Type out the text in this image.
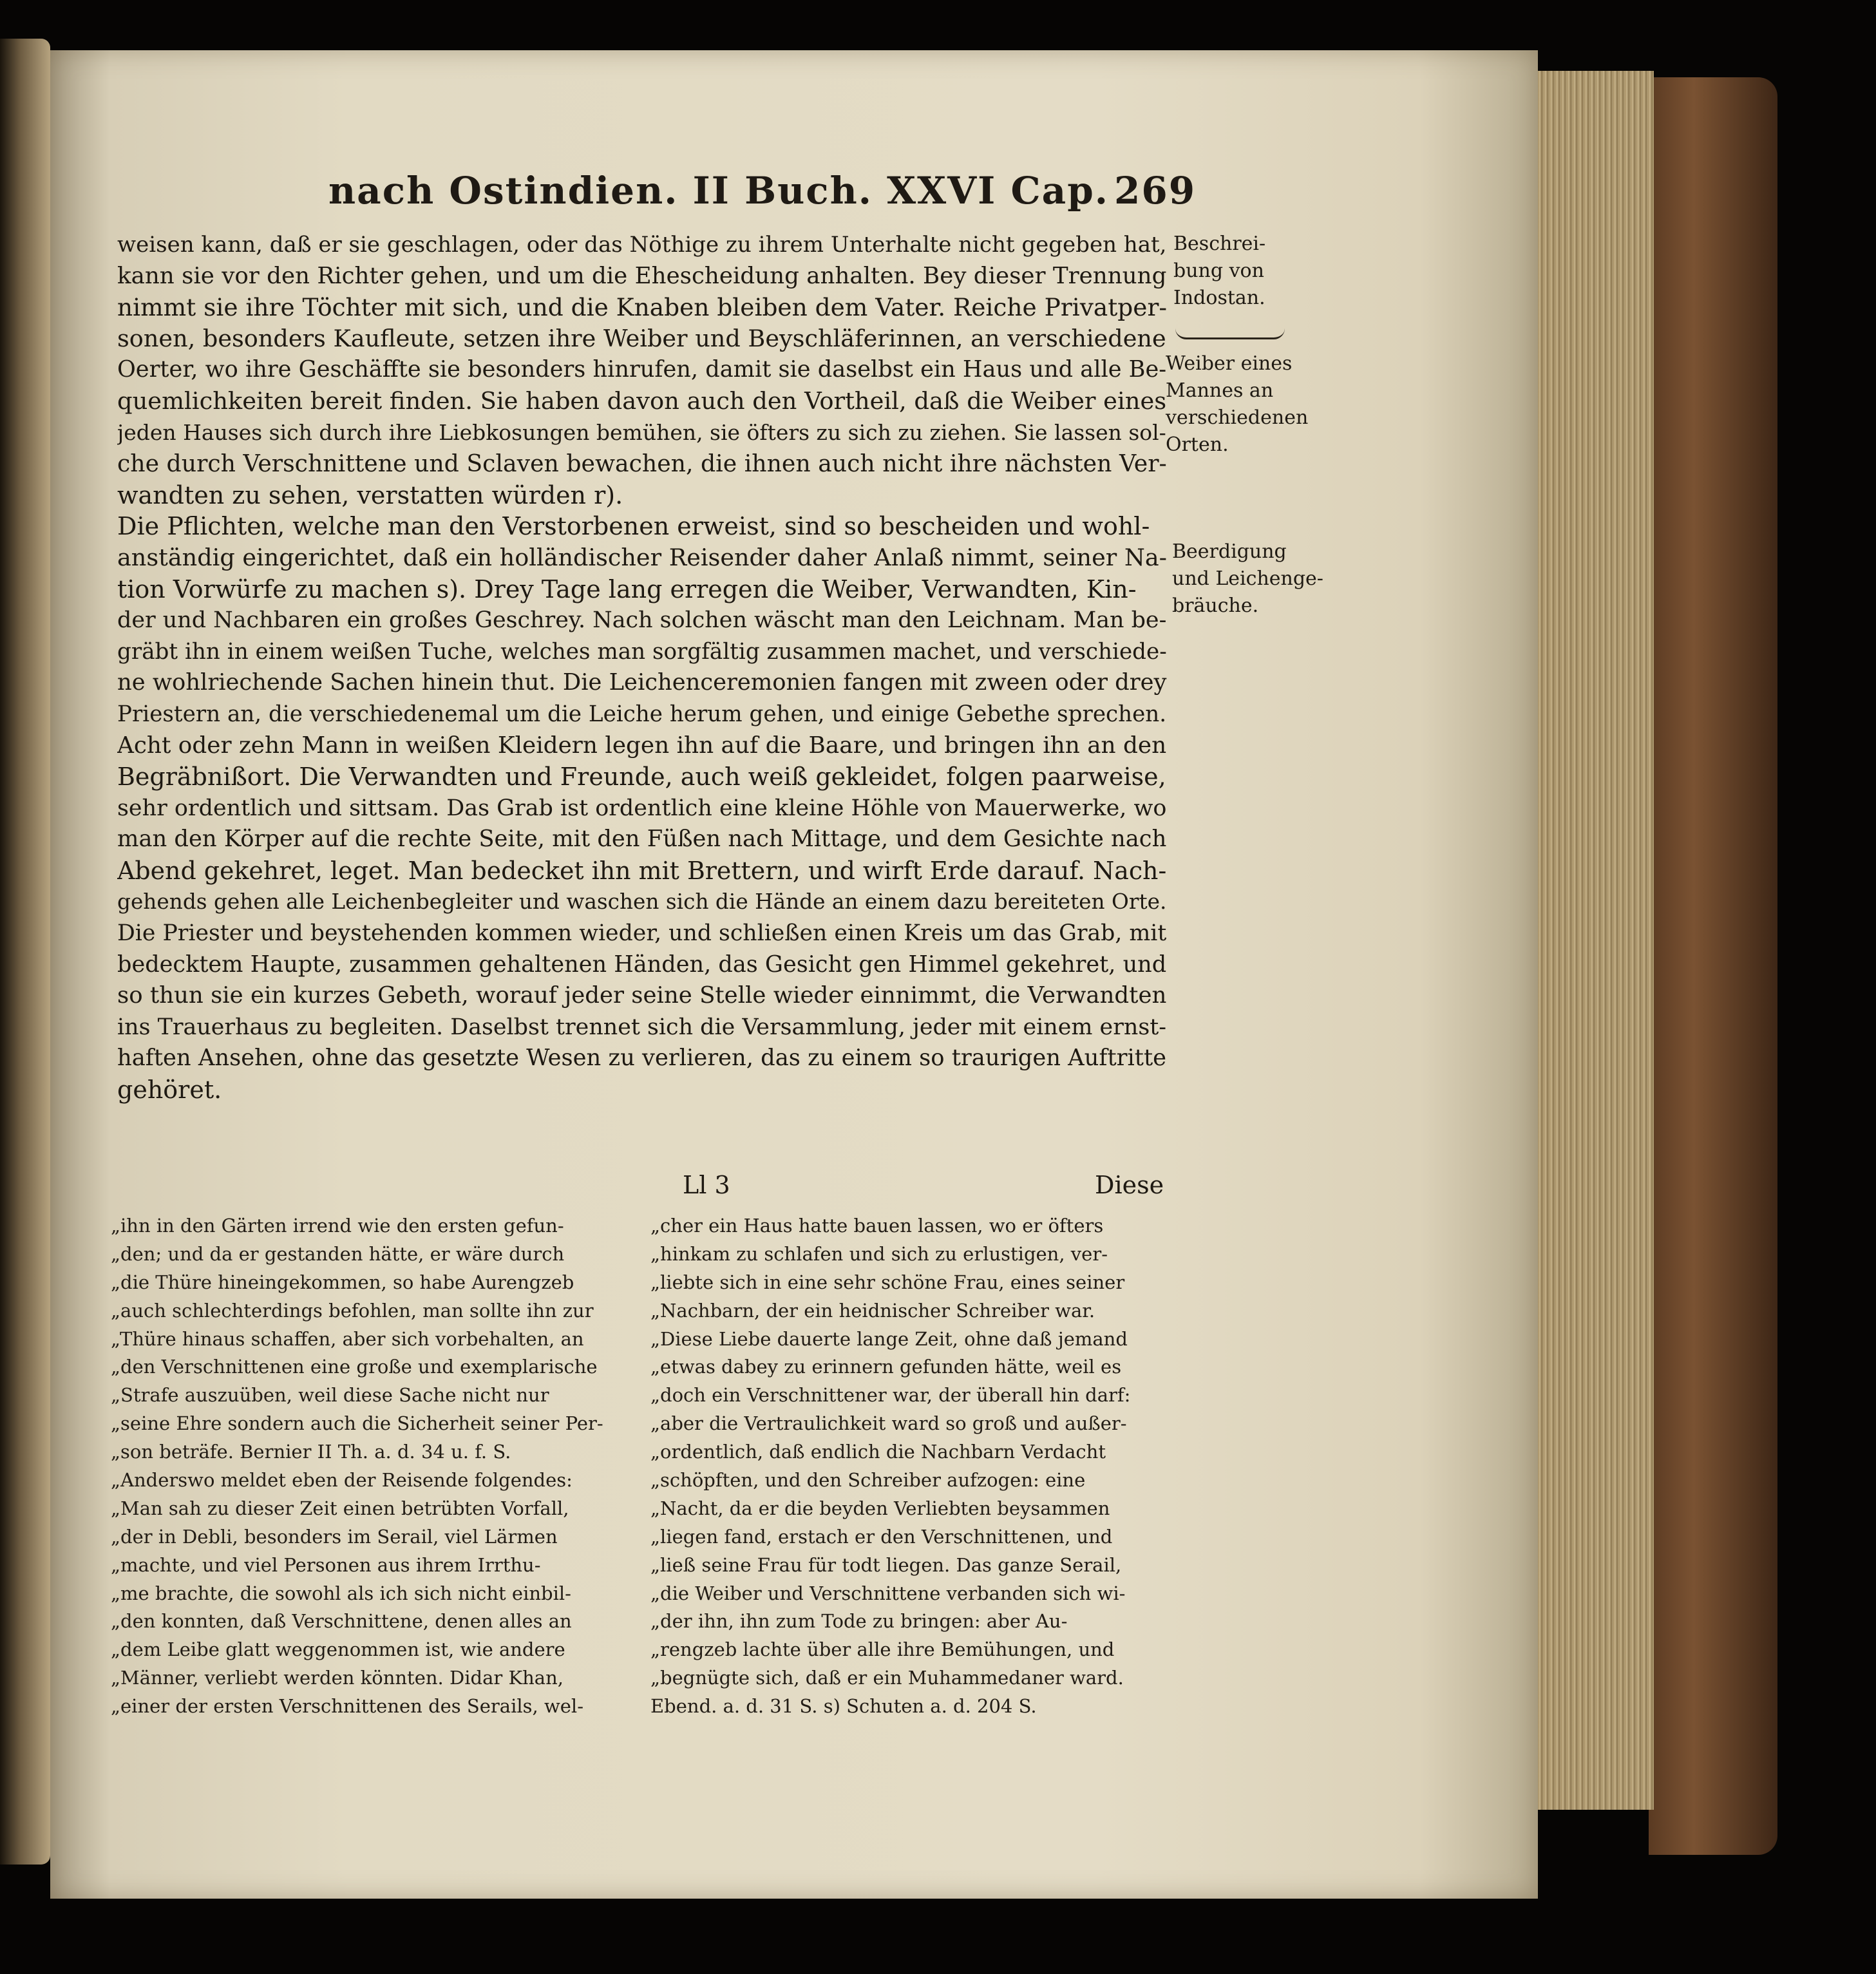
nach Ostindien. II Buch. XXVI Cap. 269
weisen kann, daß er sie geschlagen, oder das Nöthige zu ihrem Unterhalte nicht gegeben hat,
kann sie vor den Richter gehen, und um die Ehescheidung anhalten. Bey dieser Trennung
nimmt sie ihre Töchter mit sich, und die Knaben bleiben dem Vater. Reiche Privatper-
sonen, besonders Kaufleute, setzen ihre Weiber und Beyschläferinnen, an verschiedene
Oerter, wo ihre Geschäffte sie besonders hinrufen, damit sie daselbst ein Haus und alle Be-
quemlichkeiten bereit finden. Sie haben davon auch den Vortheil, daß die Weiber eines
jeden Hauses sich durch ihre Liebkosungen bemühen, sie öfters zu sich zu ziehen. Sie lassen sol-
che durch Verschnittene und Sclaven bewachen, die ihnen auch nicht ihre nächsten Ver-
wandten zu sehen, verstatten würden r).
Die Pflichten, welche man den Verstorbenen erweist, sind so bescheiden und wohl-
anständig eingerichtet, daß ein holländischer Reisender daher Anlaß nimmt, seiner Na-
tion Vorwürfe zu machen s). Drey Tage lang erregen die Weiber, Verwandten, Kin-
der und Nachbaren ein großes Geschrey. Nach solchen wäscht man den Leichnam. Man be-
gräbt ihn in einem weißen Tuche, welches man sorgfältig zusammen machet, und verschiede-
ne wohlriechende Sachen hinein thut. Die Leichenceremonien fangen mit zween oder drey
Priestern an, die verschiedenemal um die Leiche herum gehen, und einige Gebethe sprechen.
Acht oder zehn Mann in weißen Kleidern legen ihn auf die Baare, und bringen ihn an den
Begräbnißort. Die Verwandten und Freunde, auch weiß gekleidet, folgen paarweise,
sehr ordentlich und sittsam. Das Grab ist ordentlich eine kleine Höhle von Mauerwerke, wo
man den Körper auf die rechte Seite, mit den Füßen nach Mittage, und dem Gesichte nach
Abend gekehret, leget. Man bedecket ihn mit Brettern, und wirft Erde darauf. Nach-
gehends gehen alle Leichenbegleiter und waschen sich die Hände an einem dazu bereiteten Orte.
Die Priester und beystehenden kommen wieder, und schließen einen Kreis um das Grab, mit
bedecktem Haupte, zusammen gehaltenen Händen, das Gesicht gen Himmel gekehret, und
so thun sie ein kurzes Gebeth, worauf jeder seine Stelle wieder einnimmt, die Verwandten
ins Trauerhaus zu begleiten. Daselbst trennet sich die Versammlung, jeder mit einem ernst-
haften Ansehen, ohne das gesetzte Wesen zu verlieren, das zu einem so traurigen Auftritte
gehöret.
Beschrei-
bung von
Indostan.
Weiber eines
Mannes an
verschiedenen
Orten.
Beerdigung
und Leichenge-
bräuche.
Ll 3	Diese
„ihn in den Gärten irrend wie den ersten gefun-
„den; und da er gestanden hätte, er wäre durch
„die Thüre hineingekommen, so habe Aurengzeb
„auch schlechterdings befohlen, man sollte ihn zur
„Thüre hinaus schaffen, aber sich vorbehalten, an
„den Verschnittenen eine große und exemplarische
„Strafe auszuüben, weil diese Sache nicht nur
„seine Ehre sondern auch die Sicherheit seiner Per-
„son beträfe. Bernier II Th. a. d. 34 u. f. S.
„Anderswo meldet eben der Reisende folgendes:
„Man sah zu dieser Zeit einen betrübten Vorfall,
„der in Debli, besonders im Serail, viel Lärmen
„machte, und viel Personen aus ihrem Irrthu-
„me brachte, die sowohl als ich sich nicht einbil-
„den konnten, daß Verschnittene, denen alles an
„dem Leibe glatt weggenommen ist, wie andere
„Männer, verliebt werden könnten. Didar Khan,
„einer der ersten Verschnittenen des Serails, wel-
„cher ein Haus hatte bauen lassen, wo er öfters
„hinkam zu schlafen und sich zu erlustigen, ver-
„liebte sich in eine sehr schöne Frau, eines seiner
„Nachbarn, der ein heidnischer Schreiber war.
„Diese Liebe dauerte lange Zeit, ohne daß jemand
„etwas dabey zu erinnern gefunden hätte, weil es
„doch ein Verschnittener war, der überall hin darf:
„aber die Vertraulichkeit ward so groß und außer-
„ordentlich, daß endlich die Nachbarn Verdacht
„schöpften, und den Schreiber aufzogen: eine
„Nacht, da er die beyden Verliebten beysammen
„liegen fand, erstach er den Verschnittenen, und
„ließ seine Frau für todt liegen. Das ganze Serail,
„die Weiber und Verschnittene verbanden sich wi-
„der ihn, ihn zum Tode zu bringen: aber Au-
„rengzeb lachte über alle ihre Bemühungen, und
„begnügte sich, daß er ein Muhammedaner ward.
Ebend. a. d. 31 S. s) Schuten a. d. 204 S.
